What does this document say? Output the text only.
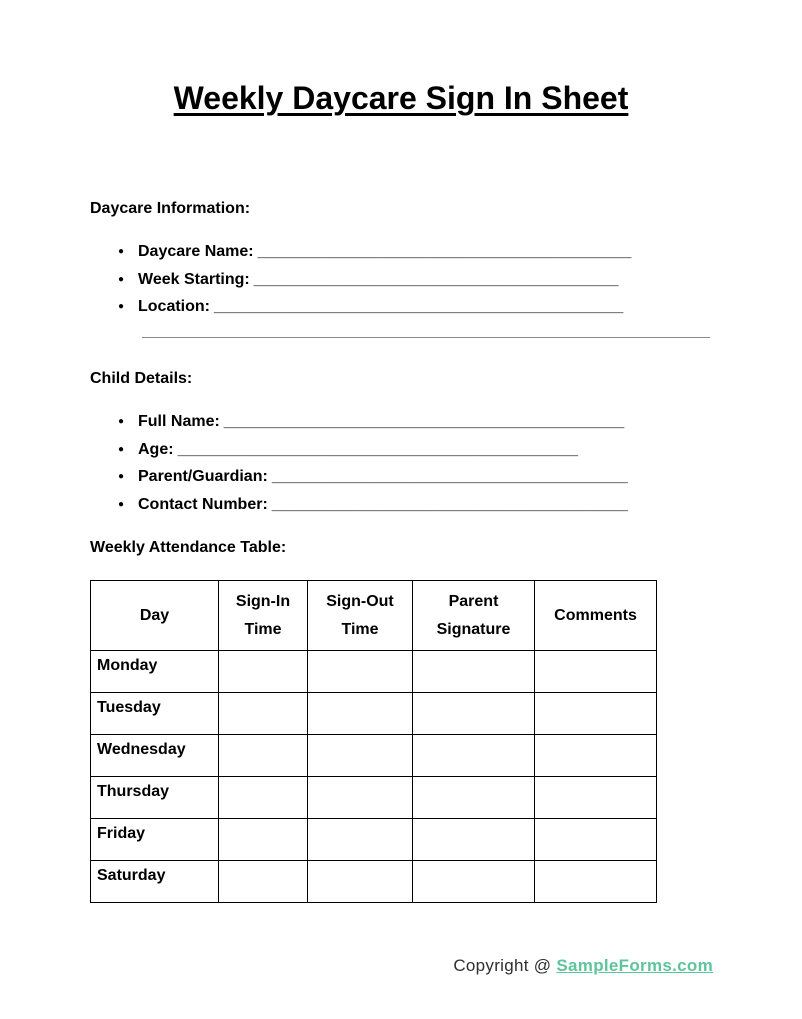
Weekly Daycare Sign In Sheet
Daycare Information:
● Daycare Name: __________________________________________
● Week Starting: _________________________________________
● Location: ______________________________________________
Child Details:
● Full Name: _____________________________________________
● Age: _____________________________________________
● Parent/Guardian: ________________________________________
● Contact Number: ________________________________________
Weekly Attendance Table:
Day	Sign-In Time	Sign-Out Time	Parent Signature	Comments
Monday				
Tuesday				
Wednesday				
Thursday				
Friday				
Saturday				
Copyright @ SampleForms.com
